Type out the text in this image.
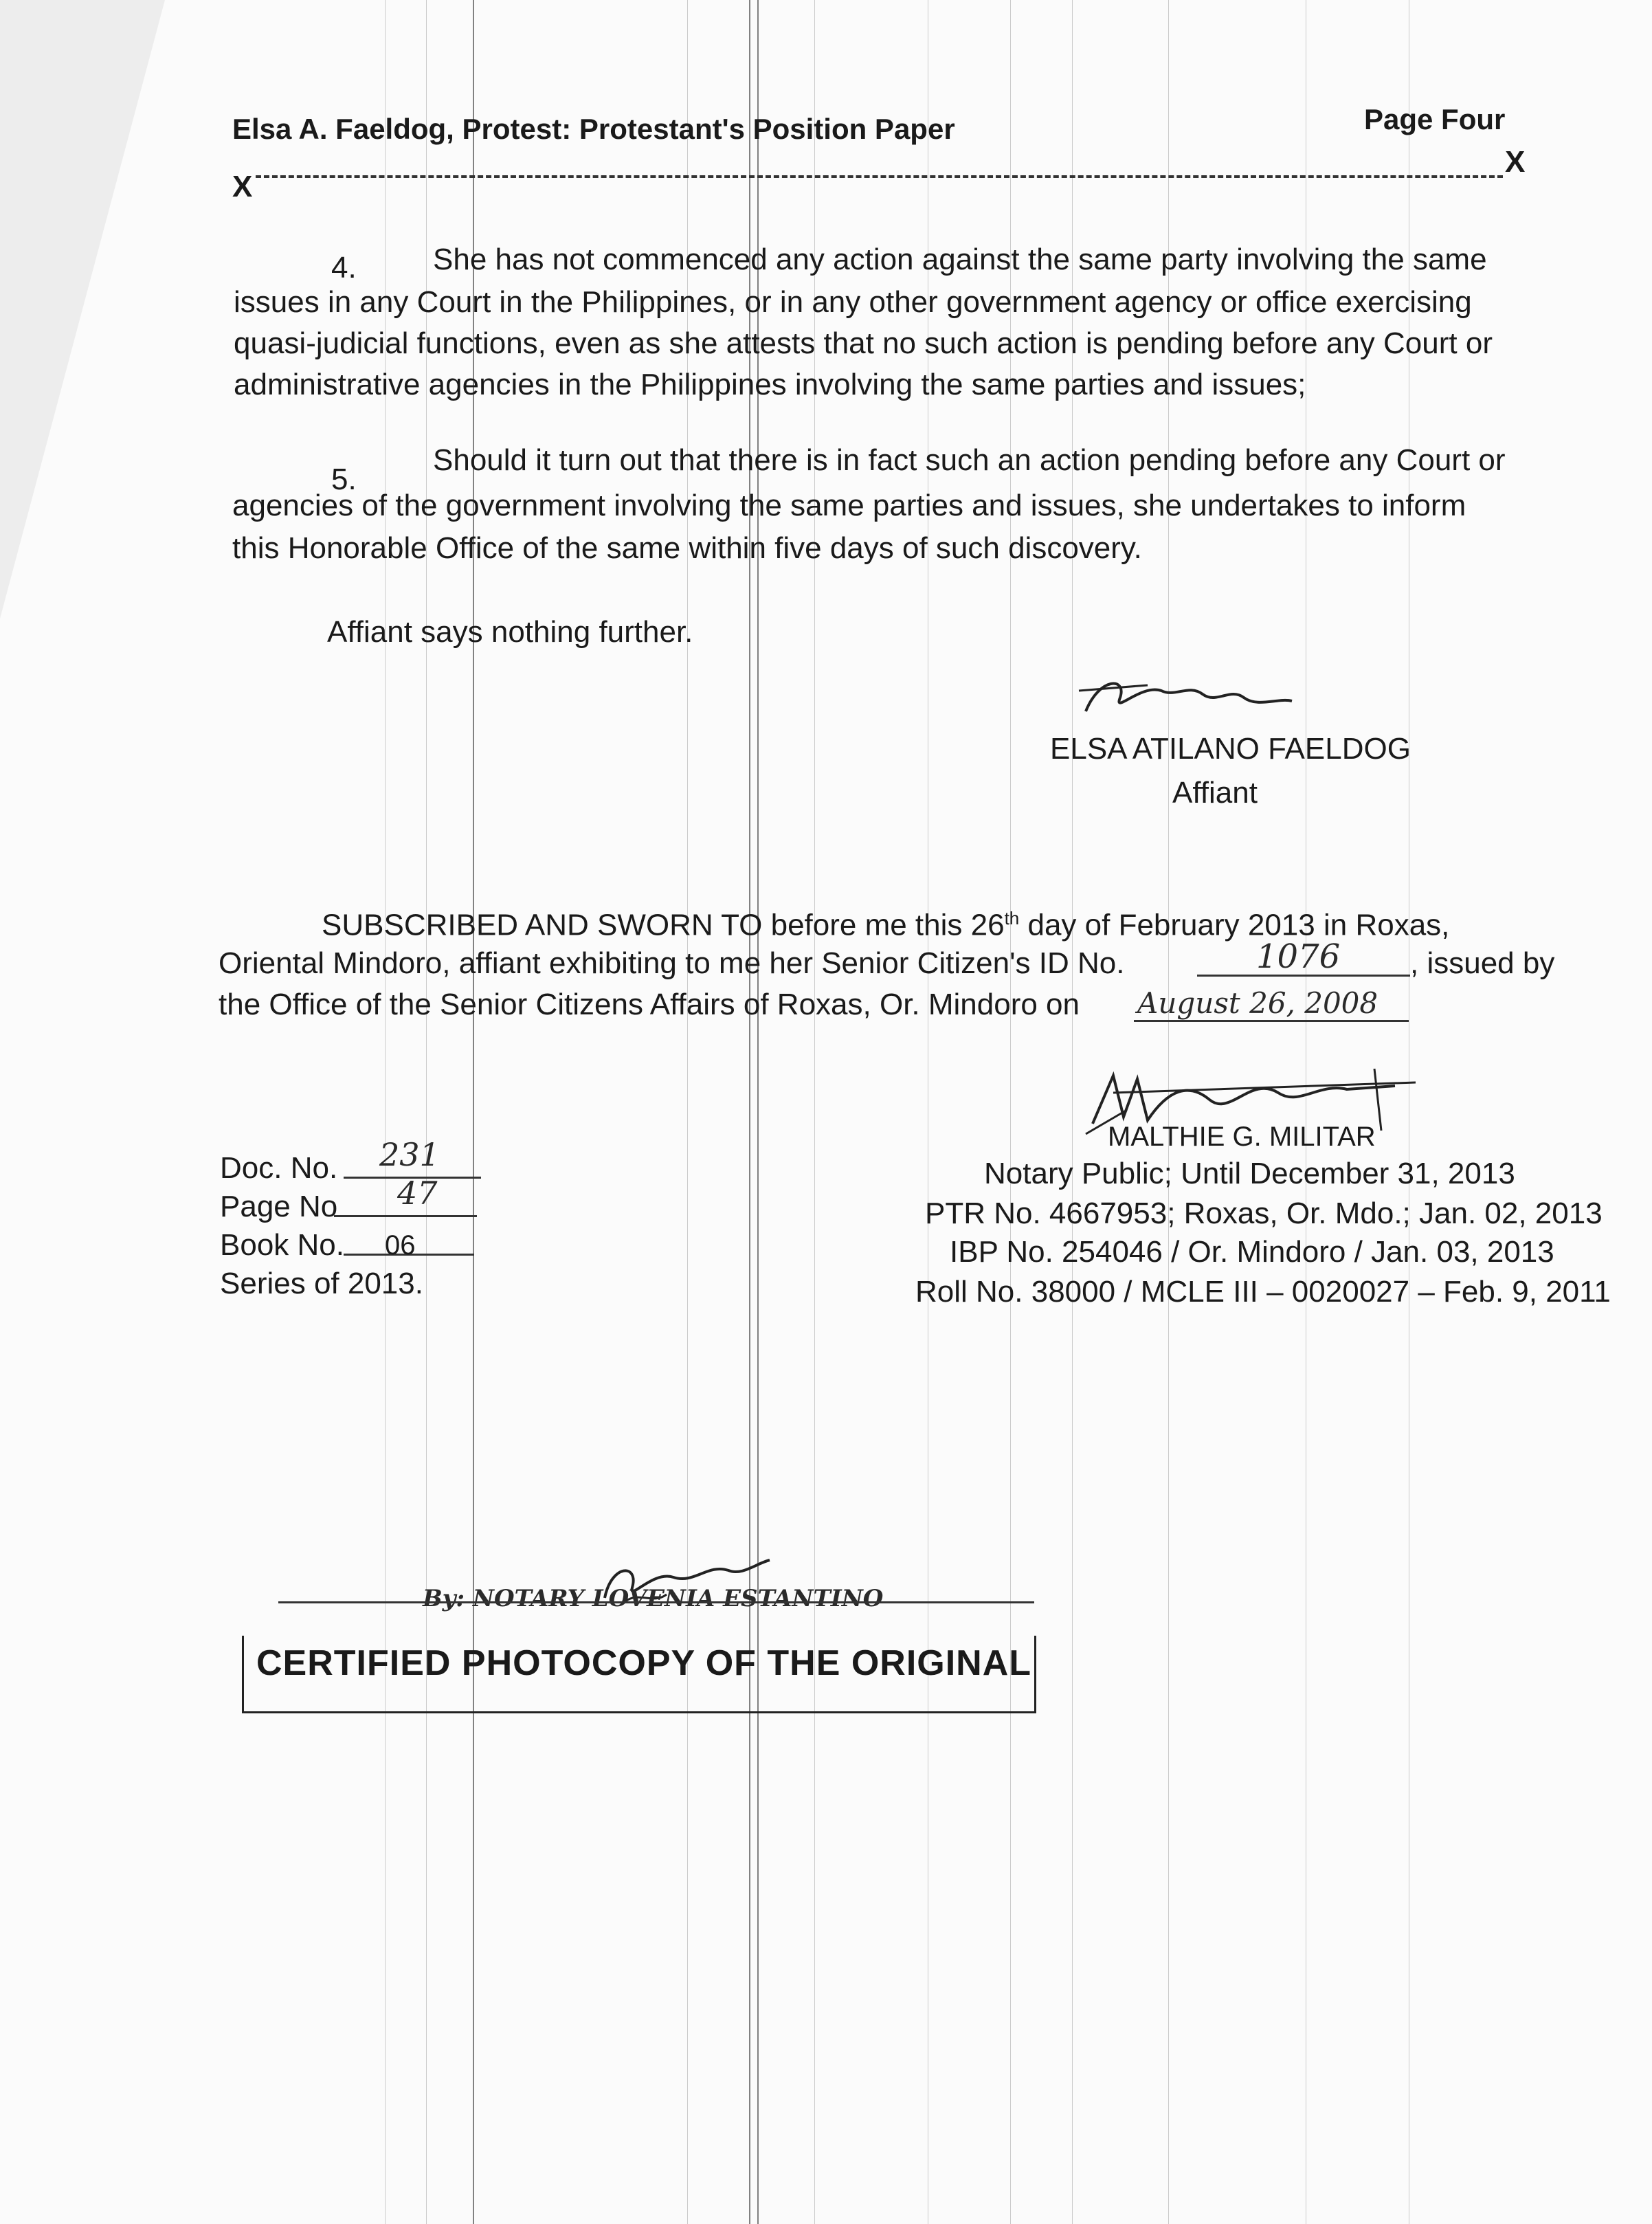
Elsa A. Faeldog, Protest: Protestant's Position Paper	Page Four
X
X
4.	She has not commenced any action against the same party involving the same
issues in any Court in the Philippines, or in any other government agency or office exercising
quasi-judicial functions, even as she attests that no such action is pending before any Court or
administrative agencies in the Philippines involving the same parties and issues;
5.
Should it turn out that there is in fact such an action pending before any Court or
agencies of the government involving the same parties and issues, she undertakes to inform
this Honorable Office of the same within five days of such discovery.
Affiant says nothing further.
ELSA ATILANO FAELDOG
Affiant
SUBSCRIBED AND SWORN TO before me this 26th day of February 2013 in Roxas,
Oriental Mindoro, affiant exhibiting to me her Senior Citizen's ID No.	1076 , issued by
the Office of the Senior Citizens Affairs of Roxas, Or. Mindoro on August 26, 2008
MALTHIE G. MILITAR
Notary Public; Until December 31, 2013
PTR No. 4667953; Roxas, Or. Mdo.; Jan. 02, 2013
IBP No. 254046 / Or. Mindoro / Jan. 03, 2013
Roll No. 38000 / MCLE III – 0020027 – Feb. 9, 2011
Doc. No. 231
Page No 47
Book No. 06
Series of 2013.
By: NOTARY LOVENIA ESTANTINO
CERTIFIED PHOTOCOPY OF THE ORIGINAL
